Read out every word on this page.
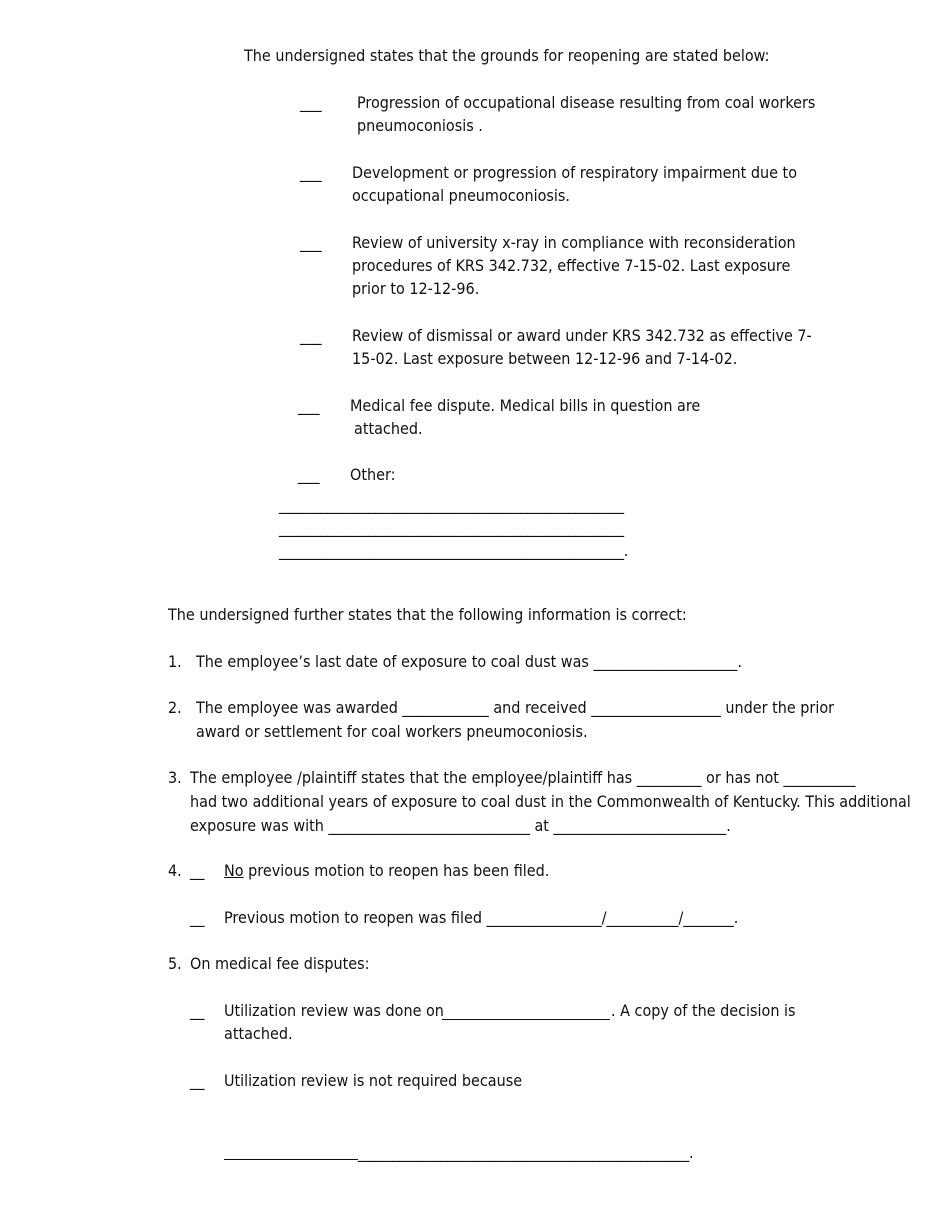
The undersigned states that the grounds for reopening are stated below:
___ Progression of occupational disease resulting from coal workers
pneumoconiosis .
___ Development or progression of respiratory impairment due to
occupational pneumoconiosis.
___ Review of university x-ray in compliance with reconsideration
procedures of KRS 342.732, effective 7-15-02. Last exposure
prior to 12-12-96.
___ Review of dismissal or award under KRS 342.732 as effective 7-
15-02. Last exposure between 12-12-96 and 7-14-02.
___ Medical fee dispute. Medical bills in question are
attached.
___ Other:
__________________________________________________
__________________________________________________
__________________________________________________.
The undersigned further states that the following information is correct:
1. The employee’s last date of exposure to coal dust was ____________________.
2. The employee was awarded ____________ and received __________________ under the prior
award or settlement for coal workers pneumoconiosis.
3. The employee /plaintiff states that the employee/plaintiff has _________ or has not __________
had two additional years of exposure to coal dust in the Commonwealth of Kentucky. This additional
exposure was with ____________________________ at ________________________.
4. __ No previous motion to reopen has been filed.
__ Previous motion to reopen was filed ________________/__________/_______.
5. On medical fee disputes:
__ Utilization review was done on	. A copy of the decision is
attached.
__ Utilization review is not required because
________________________________________________.
